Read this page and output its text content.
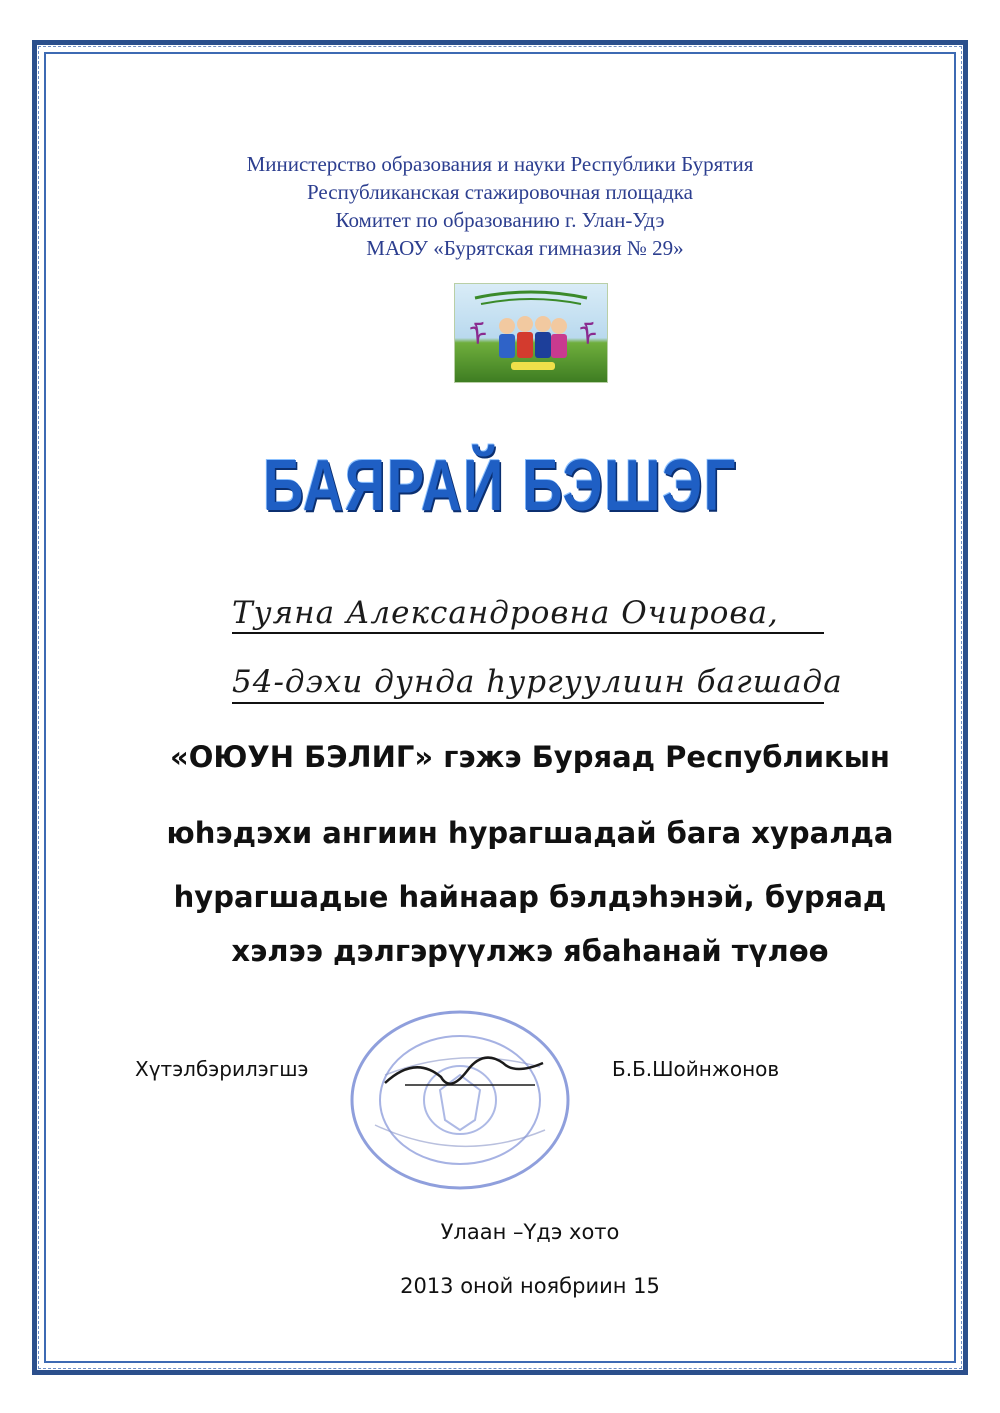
Министерство образования и науки Республики Бурятия
Республиканская стажировочная площадка
Комитет по образованию г. Улан-Удэ
МАОУ «Бурятская гимназия № 29»
ᠮ	ᠮ
БАЯРАЙ БЭШЭГ
Туяна Александровна Очирова,
54-дэхи дунда hургуулиин багшада
«ОЮУН БЭЛИГ» гэжэ Буряад Республикын
юhэдэхи ангиин hурагшадай бага хуралда
hурагшадые hайнаар бэлдэhэнэй, буряад
хэлээ дэлгэрүүлжэ ябаhанай түлөө
Хүтэлбэрилэгшэ	Б.Б.Шойнжонов
Улаан –Үдэ хото
2013 оной ноябриин 15
